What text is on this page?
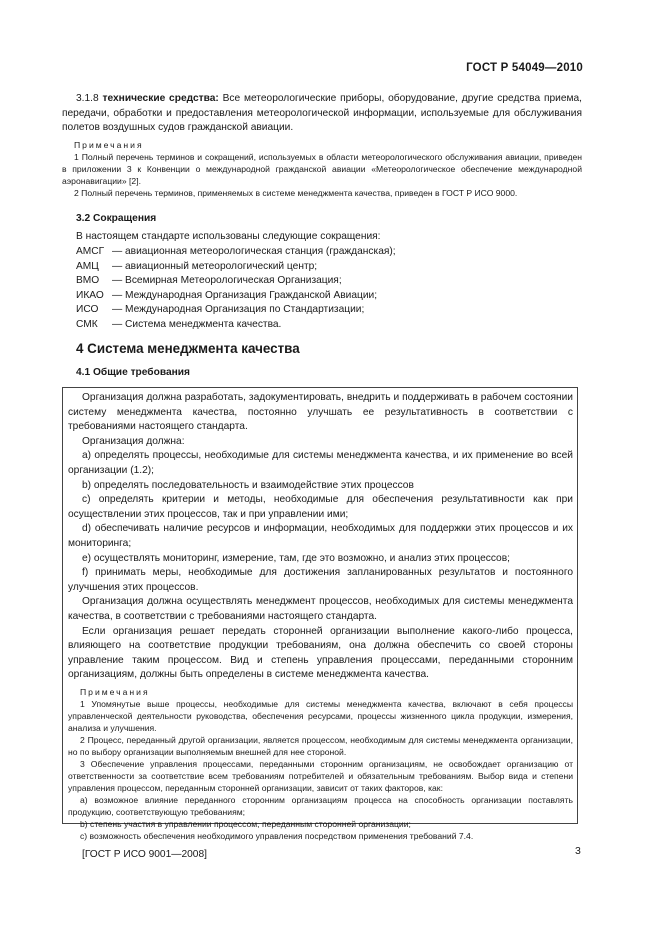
ГОСТ Р 54049—2010
3.1.8 технические средства: Все метеорологические приборы, оборудование, другие средства приема, передачи, обработки и предоставления метеорологической информации, используемые для обслуживания полетов воздушных судов гражданской авиации.
Примечания
1 Полный перечень терминов и сокращений, используемых в области метеорологического обслуживания авиации, приведен в приложении 3 к Конвенции о международной гражданской авиации «Метеорологическое обеспечение международной аэронавигации» [2].
2 Полный перечень терминов, применяемых в системе менеджмента качества, приведен в ГОСТ Р ИСО 9000.
3.2 Сокращения
В настоящем стандарте использованы следующие сокращения:
АМСГ — авиационная метеорологическая станция (гражданская);
АМЦ — авиационный метеорологический центр;
ВМО — Всемирная Метеорологическая Организация;
ИКАО — Международная Организация Гражданской Авиации;
ИСО — Международная Организация по Стандартизации;
СМК — Система менеджмента качества.
4 Система менеджмента качества
4.1 Общие требования
Организация должна разработать, задокументировать, внедрить и поддерживать в рабочем состоянии систему менеджмента качества, постоянно улучшать ее результативность в соответствии с требованиями настоящего стандарта.
Организация должна:
a) определять процессы, необходимые для системы менеджмента качества, и их применение во всей организации (1.2);
b) определять последовательность и взаимодействие этих процессов
c) определять критерии и методы, необходимые для обеспечения результативности как при осуществлении этих процессов, так и при управлении ими;
d) обеспечивать наличие ресурсов и информации, необходимых для поддержки этих процессов и их мониторинга;
e) осуществлять мониторинг, измерение, там, где это возможно, и анализ этих процессов;
f) принимать меры, необходимые для достижения запланированных результатов и постоянного улучшения этих процессов.
Организация должна осуществлять менеджмент процессов, необходимых для системы менеджмента качества, в соответствии с требованиями настоящего стандарта.
Если организация решает передать сторонней организации выполнение какого-либо процесса, влияющего на соответствие продукции требованиям, она должна обеспечить со своей стороны управление таким процессом. Вид и степень управления процессами, переданными сторонним организациям, должны быть определены в системе менеджмента качества.
Примечания
1 Упомянутые выше процессы, необходимые для системы менеджмента качества, включают в себя процессы управленческой деятельности руководства, обеспечения ресурсами, процессы жизненного цикла продукции, измерения, анализа и улучшения.
2 Процесс, переданный другой организации, является процессом, необходимым для системы менеджмента организации, но по выбору организации выполняемым внешней для нее стороной.
3 Обеспечение управления процессами, переданными сторонним организациям, не освобождает организацию от ответственности за соответствие всем требованиям потребителей и обязательным требованиям. Выбор вида и степени управления процессом, переданным сторонней организации, зависит от таких факторов, как:
a) возможное влияние переданного сторонним организациям процесса на способность организации поставлять продукцию, соответствующую требованиям;
b) степень участия в управлении процессом, переданным сторонней организации;
c) возможность обеспечения необходимого управления посредством применения требований 7.4.
[ГОСТ Р ИСО 9001—2008]	3
